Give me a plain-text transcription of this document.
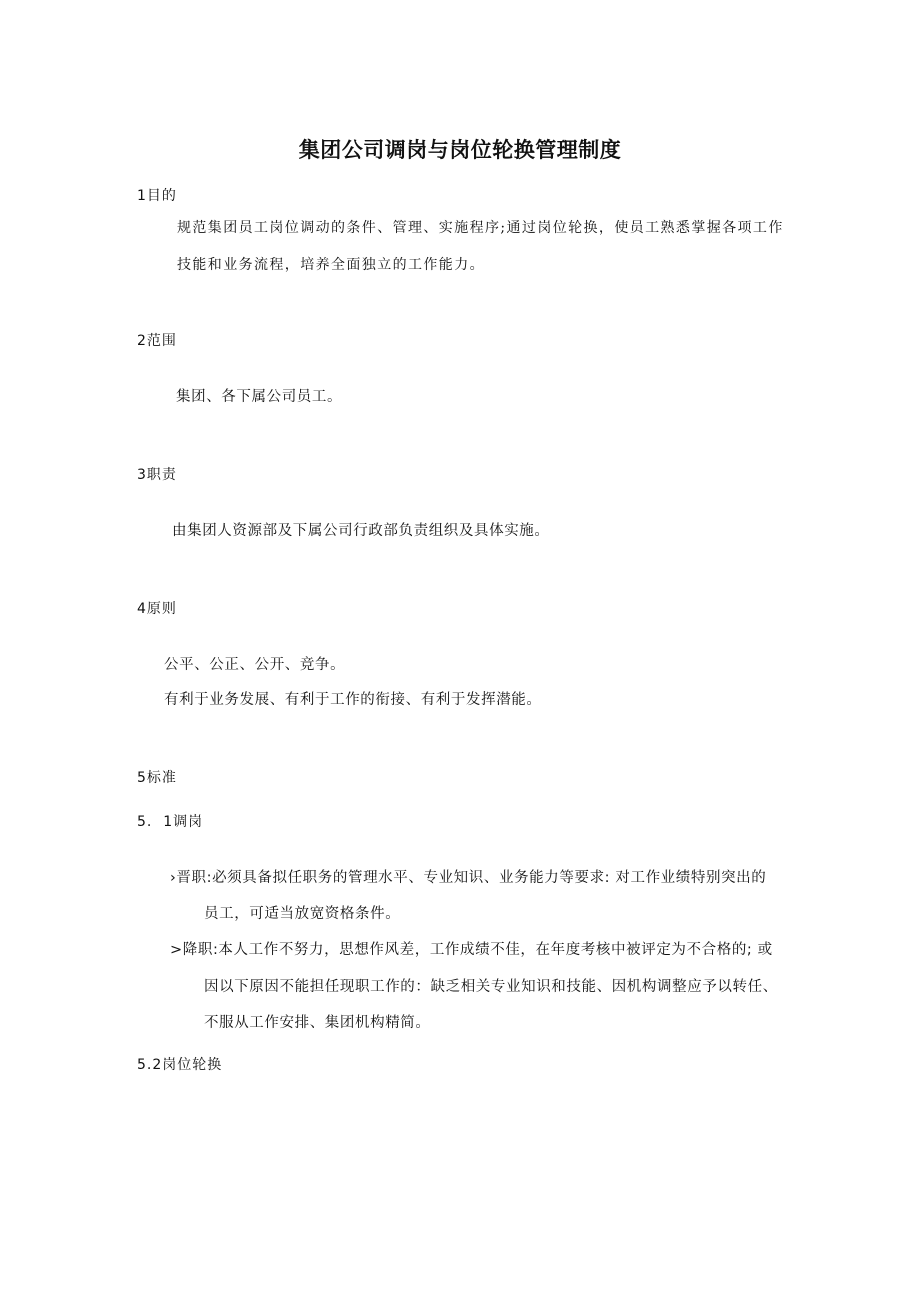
集团公司调岗与岗位轮换管理制度
1目的
规范集团员工岗位调动的条件、管理、实施程序;通过岗位轮换，使员工熟悉掌握各项工作
技能和业务流程，培养全面独立的工作能力。
2范围
集团、各下属公司员工。
3职责
由集团人资源部及下属公司行政部负责组织及具体实施。
4原则
公平、公正、公开、竞争。
有利于业务发展、有利于工作的衔接、有利于发挥潜能。
5标准
5.  1调岗
›晋职:必须具备拟任职务的管理水平、专业知识、业务能力等要求: 对工作业绩特别突出的
员工，可适当放宽资格条件。
>降职:本人工作不努力，思想作风差，工作成绩不佳，在年度考核中被评定为不合格的; 或
因以下原因不能担任现职工作的：缺乏相关专业知识和技能、因机构调整应予以转任、
不服从工作安排、集团机构精简。
5.2岗位轮换
